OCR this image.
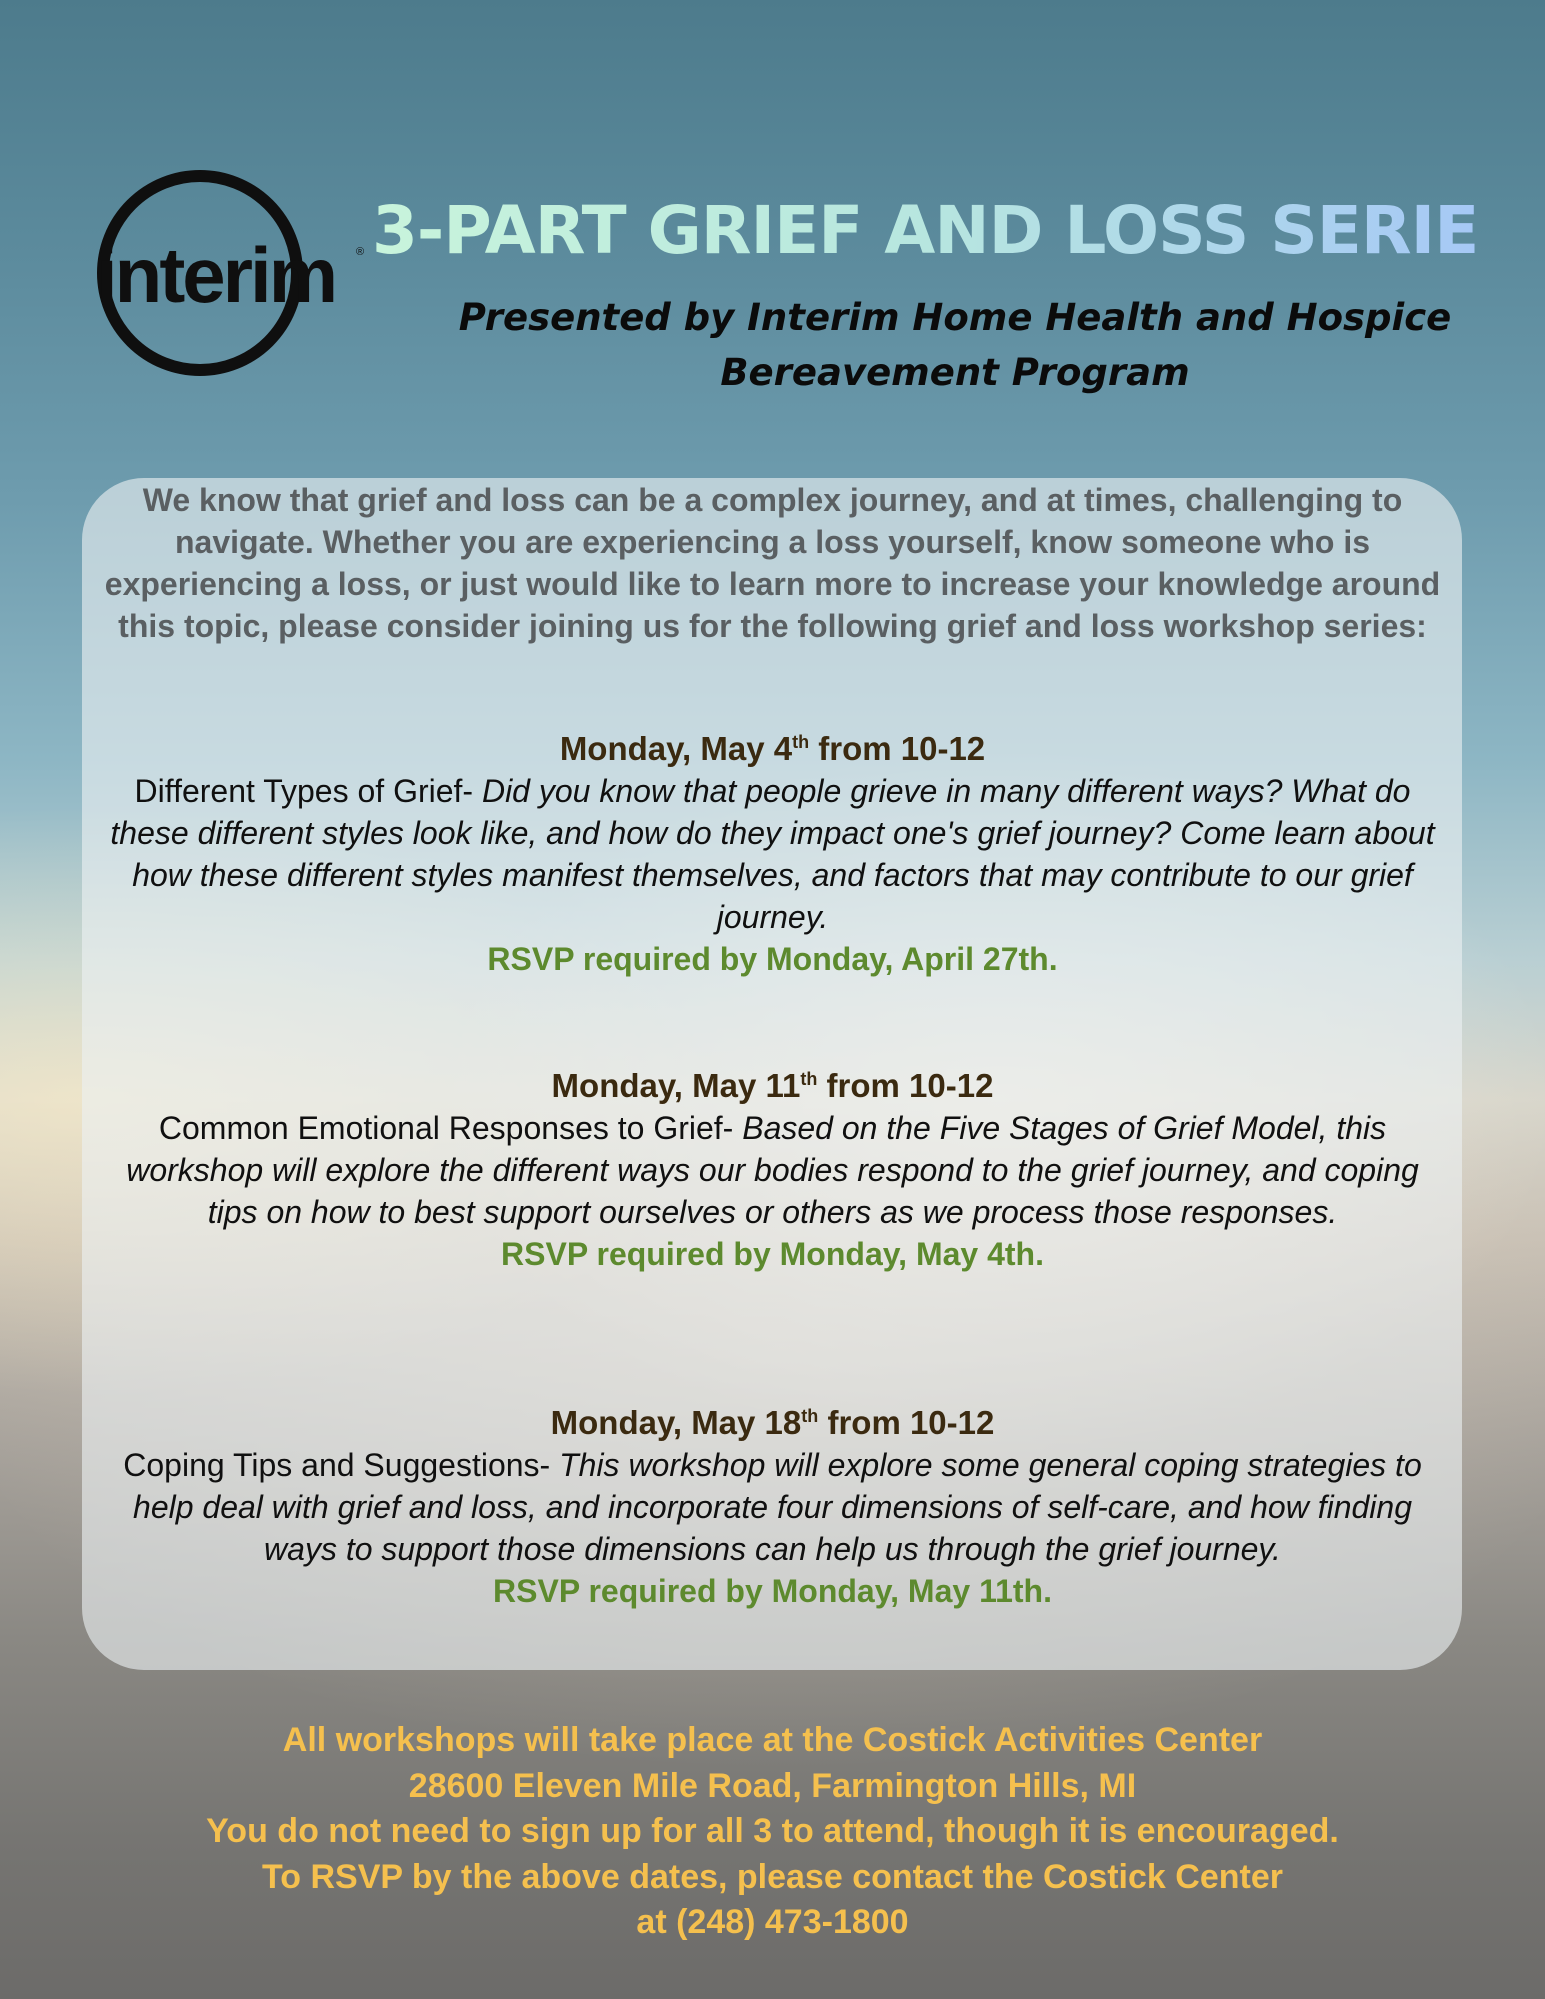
interim	® 3-PART GRIEF AND LOSS SERIES
Presented by Interim Home Health and Hospice Bereavement Program

We know that grief and loss can be a complex journey, and at times, challenging to navigate. Whether you are experiencing a loss yourself, know someone who is experiencing a loss, or just would like to learn more to increase your knowledge around this topic, please consider joining us for the following grief and loss workshop series:

Monday, May 4th from 10-12
Different Types of Grief- Did you know that people grieve in many different ways? What do these different styles look like, and how do they impact one's grief journey? Come learn about how these different styles manifest themselves, and factors that may contribute to our grief journey.
RSVP required by Monday, April 27th.
Monday, May 11th from 10-12
Common Emotional Responses to Grief- Based on the Five Stages of Grief Model, this workshop will explore the different ways our bodies respond to the grief journey, and coping tips on how to best support ourselves or others as we process those responses.
RSVP required by Monday, May 4th.
Monday, May 18th from 10-12
Coping Tips and Suggestions- This workshop will explore some general coping strategies to help deal with grief and loss, and incorporate four dimensions of self-care, and how finding ways to support those dimensions can help us through the grief journey.
RSVP required by Monday, May 11th.
All workshops will take place at the Costick Activities Center
28600 Eleven Mile Road, Farmington Hills, MI
You do not need to sign up for all 3 to attend, though it is encouraged.
To RSVP by the above dates, please contact the Costick Center
at (248) 473-1800
